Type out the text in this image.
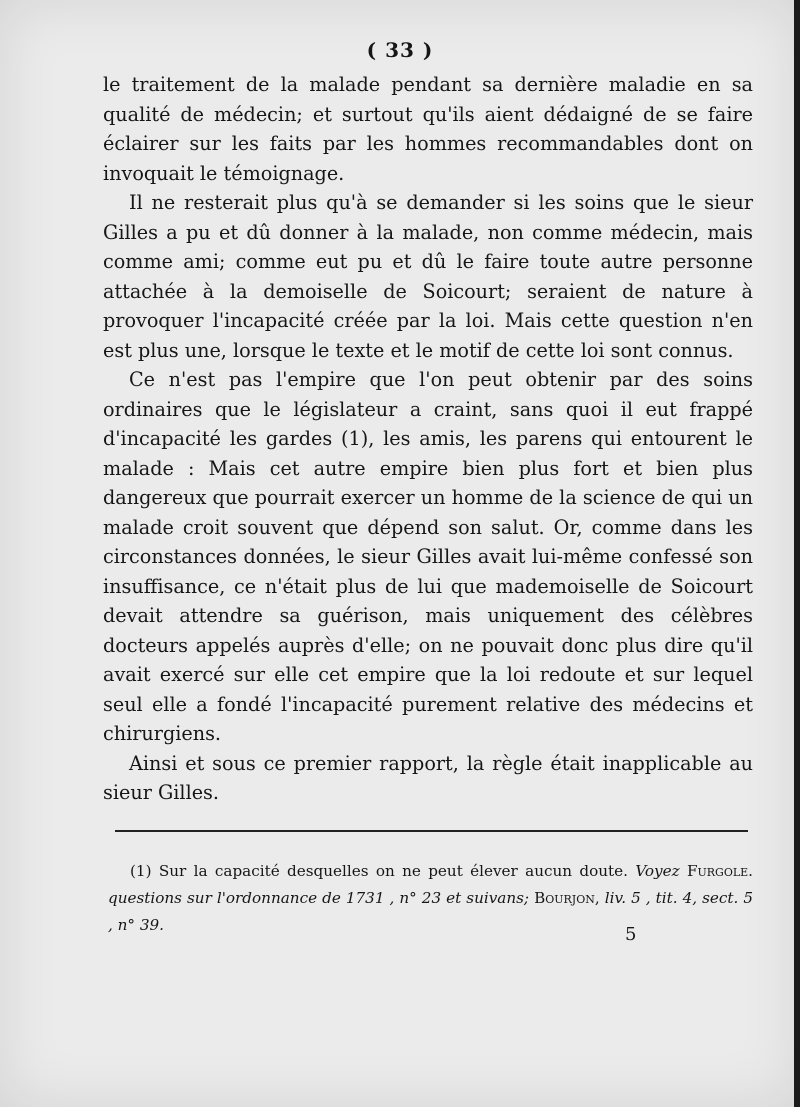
( 33 )

le traitement de la malade pendant sa dernière maladie en sa qualité de médecin; et surtout qu'ils aient dédaigné de se faire éclairer sur les faits par les hommes recommandables dont on invoquait le témoignage.

Il ne resterait plus qu'à se demander si les soins que le sieur Gilles a pu et dû donner à la malade, non comme médecin, mais comme ami; comme eut pu et dû le faire toute autre personne attachée à la demoiselle de Soicourt; seraient de nature à provoquer l'incapacité créée par la loi. Mais cette question n'en est plus une, lorsque le texte et le motif de cette loi sont connus.

Ce n'est pas l'empire que l'on peut obtenir par des soins ordinaires que le législateur a craint, sans quoi il eut frappé d'incapacité les gardes (1), les amis, les parens qui entourent le malade : Mais cet autre empire bien plus fort et bien plus dangereux que pourrait exercer un homme de la science de qui un malade croit souvent que dépend son salut. Or, comme dans les circonstances données, le sieur Gilles avait lui-même confessé son insuffisance, ce n'était plus de lui que mademoiselle de Soicourt devait attendre sa guérison, mais uniquement des célèbres docteurs appelés auprès d'elle; on ne pouvait donc plus dire qu'il avait exercé sur elle cet empire que la loi redoute et sur lequel seul elle a fondé l'incapacité purement relative des médecins et chirurgiens.

Ainsi et sous ce premier rapport, la règle était inapplicable au sieur Gilles.

(1) Sur la capacité desquelles on ne peut élever aucun doute. Voyez Furgole. questions sur l'ordonnance de 1731 , n° 23 et suivans; Bourjon, liv. 5 , tit. 4, sect. 5 , n° 39.	5
